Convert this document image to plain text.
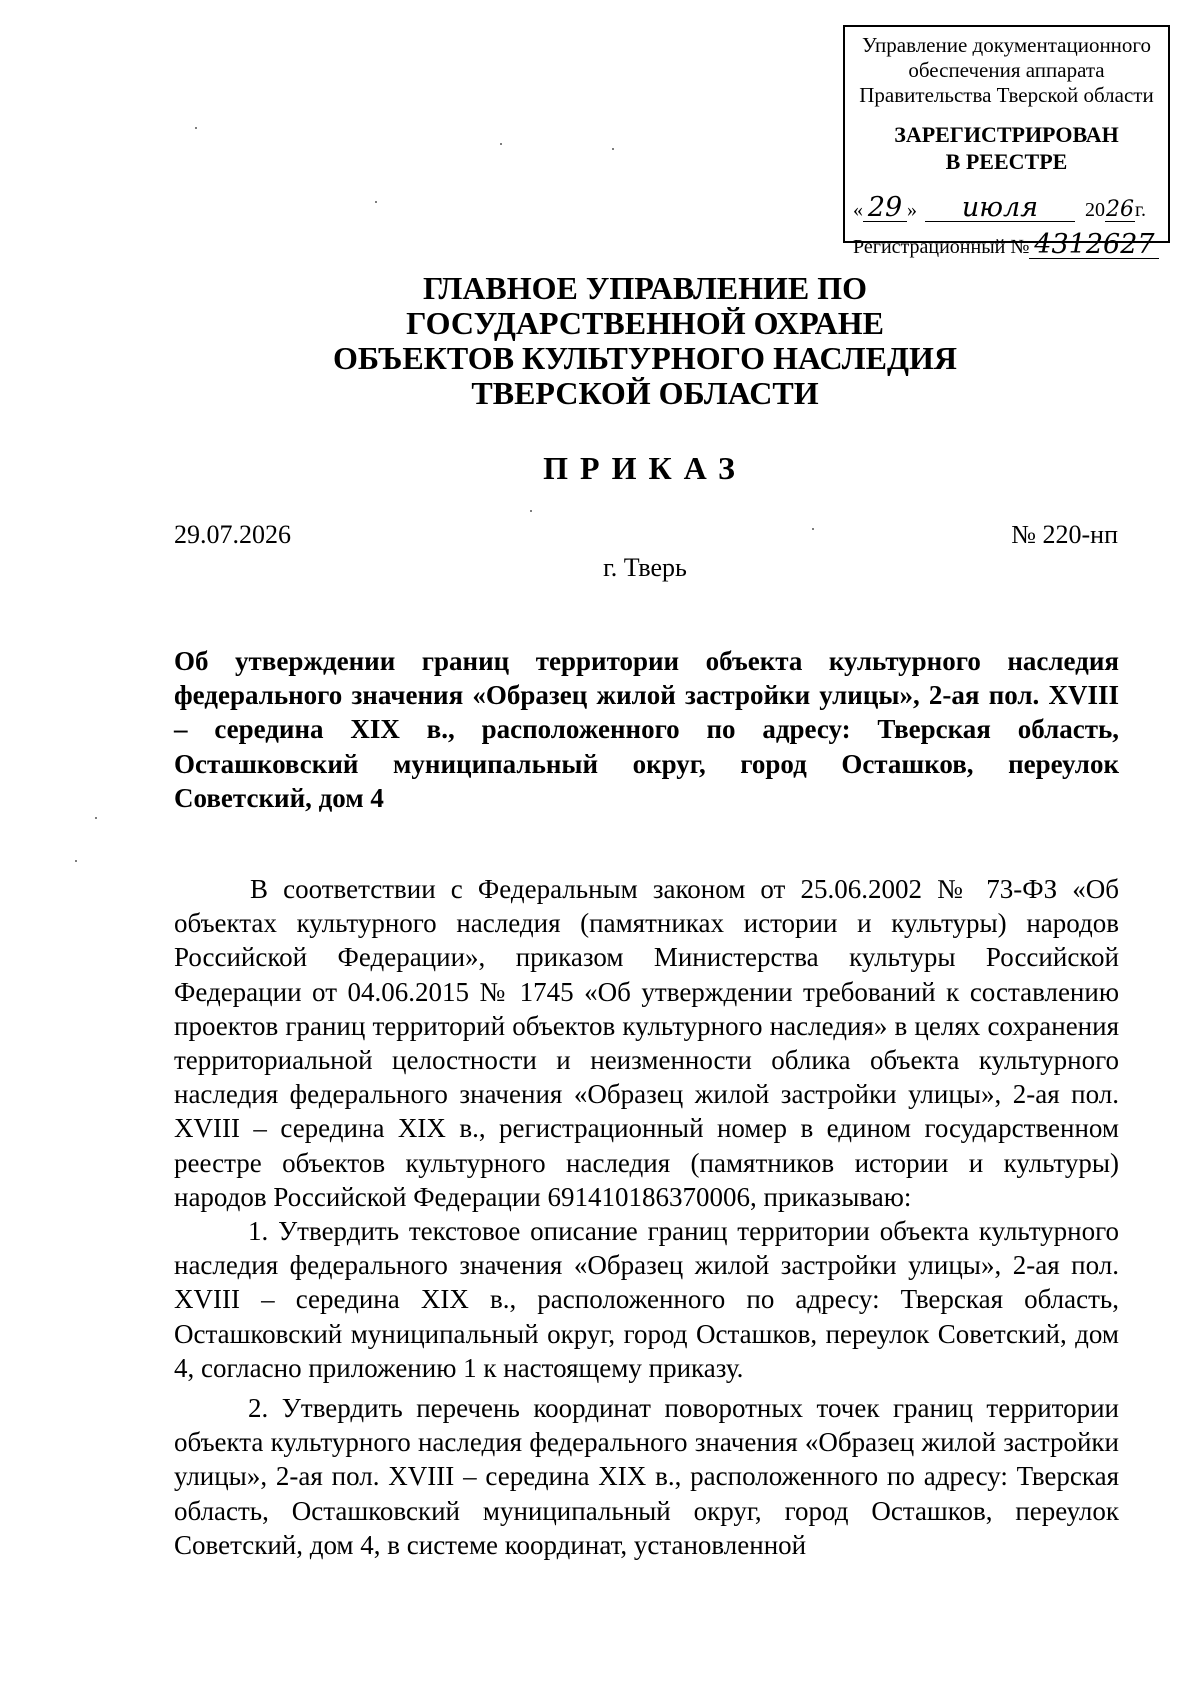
Управление документационного
обеспечения аппарата
Правительства Тверской области
ЗАРЕГИСТРИРОВАН
В РЕЕСТРЕ
« 29 »	июля	20 26 г.
Регистрационный № 4312627
ГЛАВНОЕ УПРАВЛЕНИЕ ПО
ГОСУДАРСТВЕННОЙ ОХРАНЕ
ОБЪЕКТОВ КУЛЬТУРНОГО НАСЛЕДИЯ
ТВЕРСКОЙ ОБЛАСТИ
ПРИКАЗ
29.07.2026	№ 220-нп
г. Тверь
Об утверждении границ территории объекта культурного наследия федерального значения «Образец жилой застройки улицы», 2-ая пол. XVIII – середина XIX в., расположенного по адресу: Тверская область, Осташковский муниципальный округ, город Осташков, переулок Советский, дом 4

В соответствии с Федеральным законом от 25.06.2002 № 73-ФЗ «Об объектах культурного наследия (памятниках истории и культуры) народов Российской Федерации», приказом Министерства культуры Российской Федерации от 04.06.2015 № 1745 «Об утверждении требований к составлению проектов границ территорий объектов культурного наследия» в целях сохранения территориальной целостности и неизменности облика объекта культурного наследия федерального значения «Образец жилой застройки улицы», 2-ая пол. XVIII – середина XIX в., регистрационный номер в едином государственном реестре объектов культурного наследия (памятников истории и культуры) народов Российской Федерации 691410186370006, приказываю:

1. Утвердить текстовое описание границ территории объекта культурного наследия федерального значения «Образец жилой застройки улицы», 2-ая пол. XVIII – середина XIX в., расположенного по адресу: Тверская область, Осташковский муниципальный округ, город Осташков, переулок Советский, дом 4, согласно приложению 1 к настоящему приказу.

2. Утвердить перечень координат поворотных точек границ территории объекта культурного наследия федерального значения «Образец жилой застройки улицы», 2-ая пол. XVIII – середина XIX в., расположенного по адресу: Тверская область, Осташковский муниципальный округ, город Осташков, переулок Советский, дом 4, в системе координат, установленной
